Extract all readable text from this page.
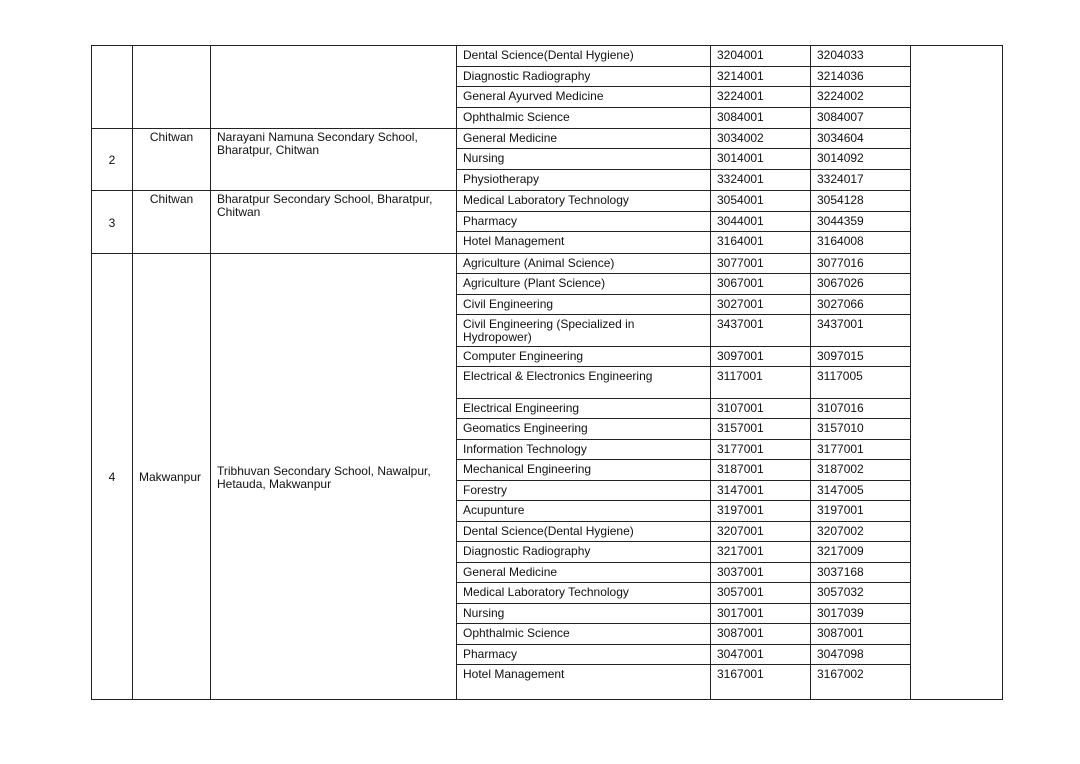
			Dental Science(Dental Hygiene)	3204001	3204033	
			Diagnostic Radiography	3214001	3214036	
			General Ayurved Medicine	3224001	3224002	
			Ophthalmic Science	3084001	3084007	
2	Chitwan	Narayani Namuna Secondary School, Bharatpur, Chitwan	General Medicine	3034002	3034604	
			Nursing	3014001	3014092	
			Physiotherapy	3324001	3324017	
3	Chitwan	Bharatpur Secondary School, Bharatpur, Chitwan	Medical Laboratory Technology	3054001	3054128	
			Pharmacy	3044001	3044359	
			Hotel Management	3164001	3164008	
4	Makwanpur	Tribhuvan Secondary School, Nawalpur, Hetauda, Makwanpur	Agriculture (Animal Science)	3077001	3077016	
			Agriculture (Plant Science)	3067001	3067026	
			Civil Engineering	3027001	3027066	
			Civil Engineering (Specialized in Hydropower)	3437001	3437001	
			Computer Engineering	3097001	3097015	
			Electrical & Electronics Engineering	3117001	3117005	
			Electrical Engineering	3107001	3107016	
			Geomatics Engineering	3157001	3157010	
			Information Technology	3177001	3177001	
			Mechanical Engineering	3187001	3187002	
			Forestry	3147001	3147005	
			Acupunture	3197001	3197001	
			Dental Science(Dental Hygiene)	3207001	3207002	
			Diagnostic Radiography	3217001	3217009	
			General Medicine	3037001	3037168	
			Medical Laboratory Technology	3057001	3057032	
			Nursing	3017001	3017039	
			Ophthalmic Science	3087001	3087001	
			Pharmacy	3047001	3047098	
			Hotel Management	3167001	3167002	
